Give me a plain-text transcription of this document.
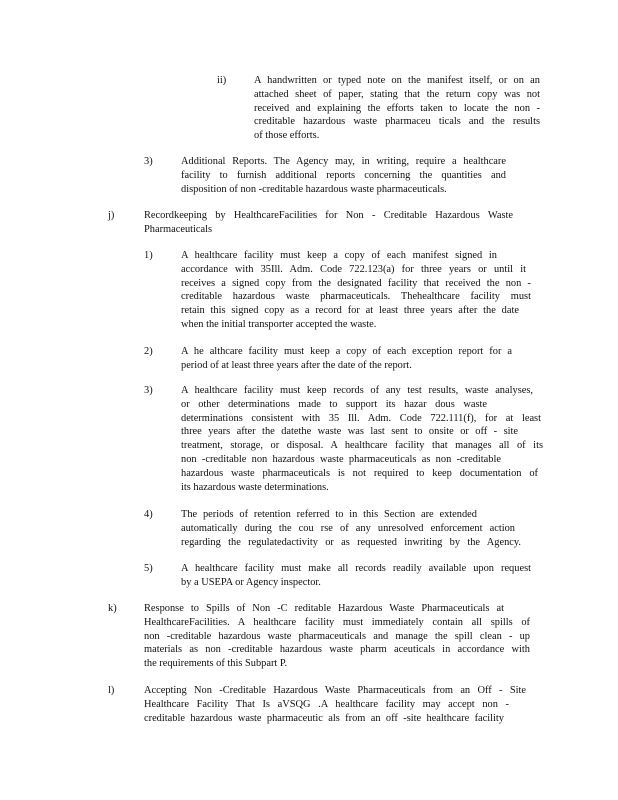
ii)	A handwritten or typed note on the manifest itself, or on an
attached sheet of paper, stating that the return copy was not
received and explaining the efforts taken to locate the non -
creditable hazardous waste pharmaceu ticals and the results
of those efforts.
3)	Additional Reports. The Agency may, in writing, require a healthcare
facility to furnish additional reports concerning the quantities and
disposition of non -creditable hazardous waste pharmaceuticals.
j)	Recordkeeping by HealthcareFacilities for Non - Creditable Hazardous Waste
Pharmaceuticals
1)	A healthcare facility must keep a copy of each manifest signed in
accordance with 35Ill. Adm. Code 722.123(a) for three years or until it
receives a signed copy from the designated facility that received the non -
creditable hazardous waste pharmaceuticals. Thehealthcare facility must
retain this signed copy as a record for at least three years after the date
when the initial transporter accepted the waste.
2)	A he althcare facility must keep a copy of each exception report for a
period of at least three years after the date of the report.
3)	A healthcare facility must keep records of any test results, waste analyses,
or other determinations made to support its hazar dous waste
determinations consistent with 35 Ill. Adm. Code 722.111(f), for at least
three years after the datethe waste was last sent to onsite or off - site
treatment, storage, or disposal. A healthcare facility that manages all of its
non -creditable non hazardous waste pharmaceuticals as non -creditable
hazardous waste pharmaceuticals is not required to keep documentation of
its hazardous waste determinations.
4)	The periods of retention referred to in this Section are extended
automatically during the cou rse of any unresolved enforcement action
regarding the regulatedactivity or as requested inwriting by the Agency.
5)	A healthcare facility must make all records readily available upon request
by a USEPA or Agency inspector.
k)	Response to Spills of Non -C reditable Hazardous Waste Pharmaceuticals at
HealthcareFacilities. A healthcare facility must immediately contain all spills of
non -creditable hazardous waste pharmaceuticals and manage the spill clean - up
materials as non -creditable hazardous waste pharm aceuticals in accordance with
the requirements of this Subpart P.
l)	Accepting Non -Creditable Hazardous Waste Pharmaceuticals from an Off - Site
Healthcare Facility That Is aVSQG .A healthcare facility may accept non -
creditable hazardous waste pharmaceutic als from an off -site healthcare facility
